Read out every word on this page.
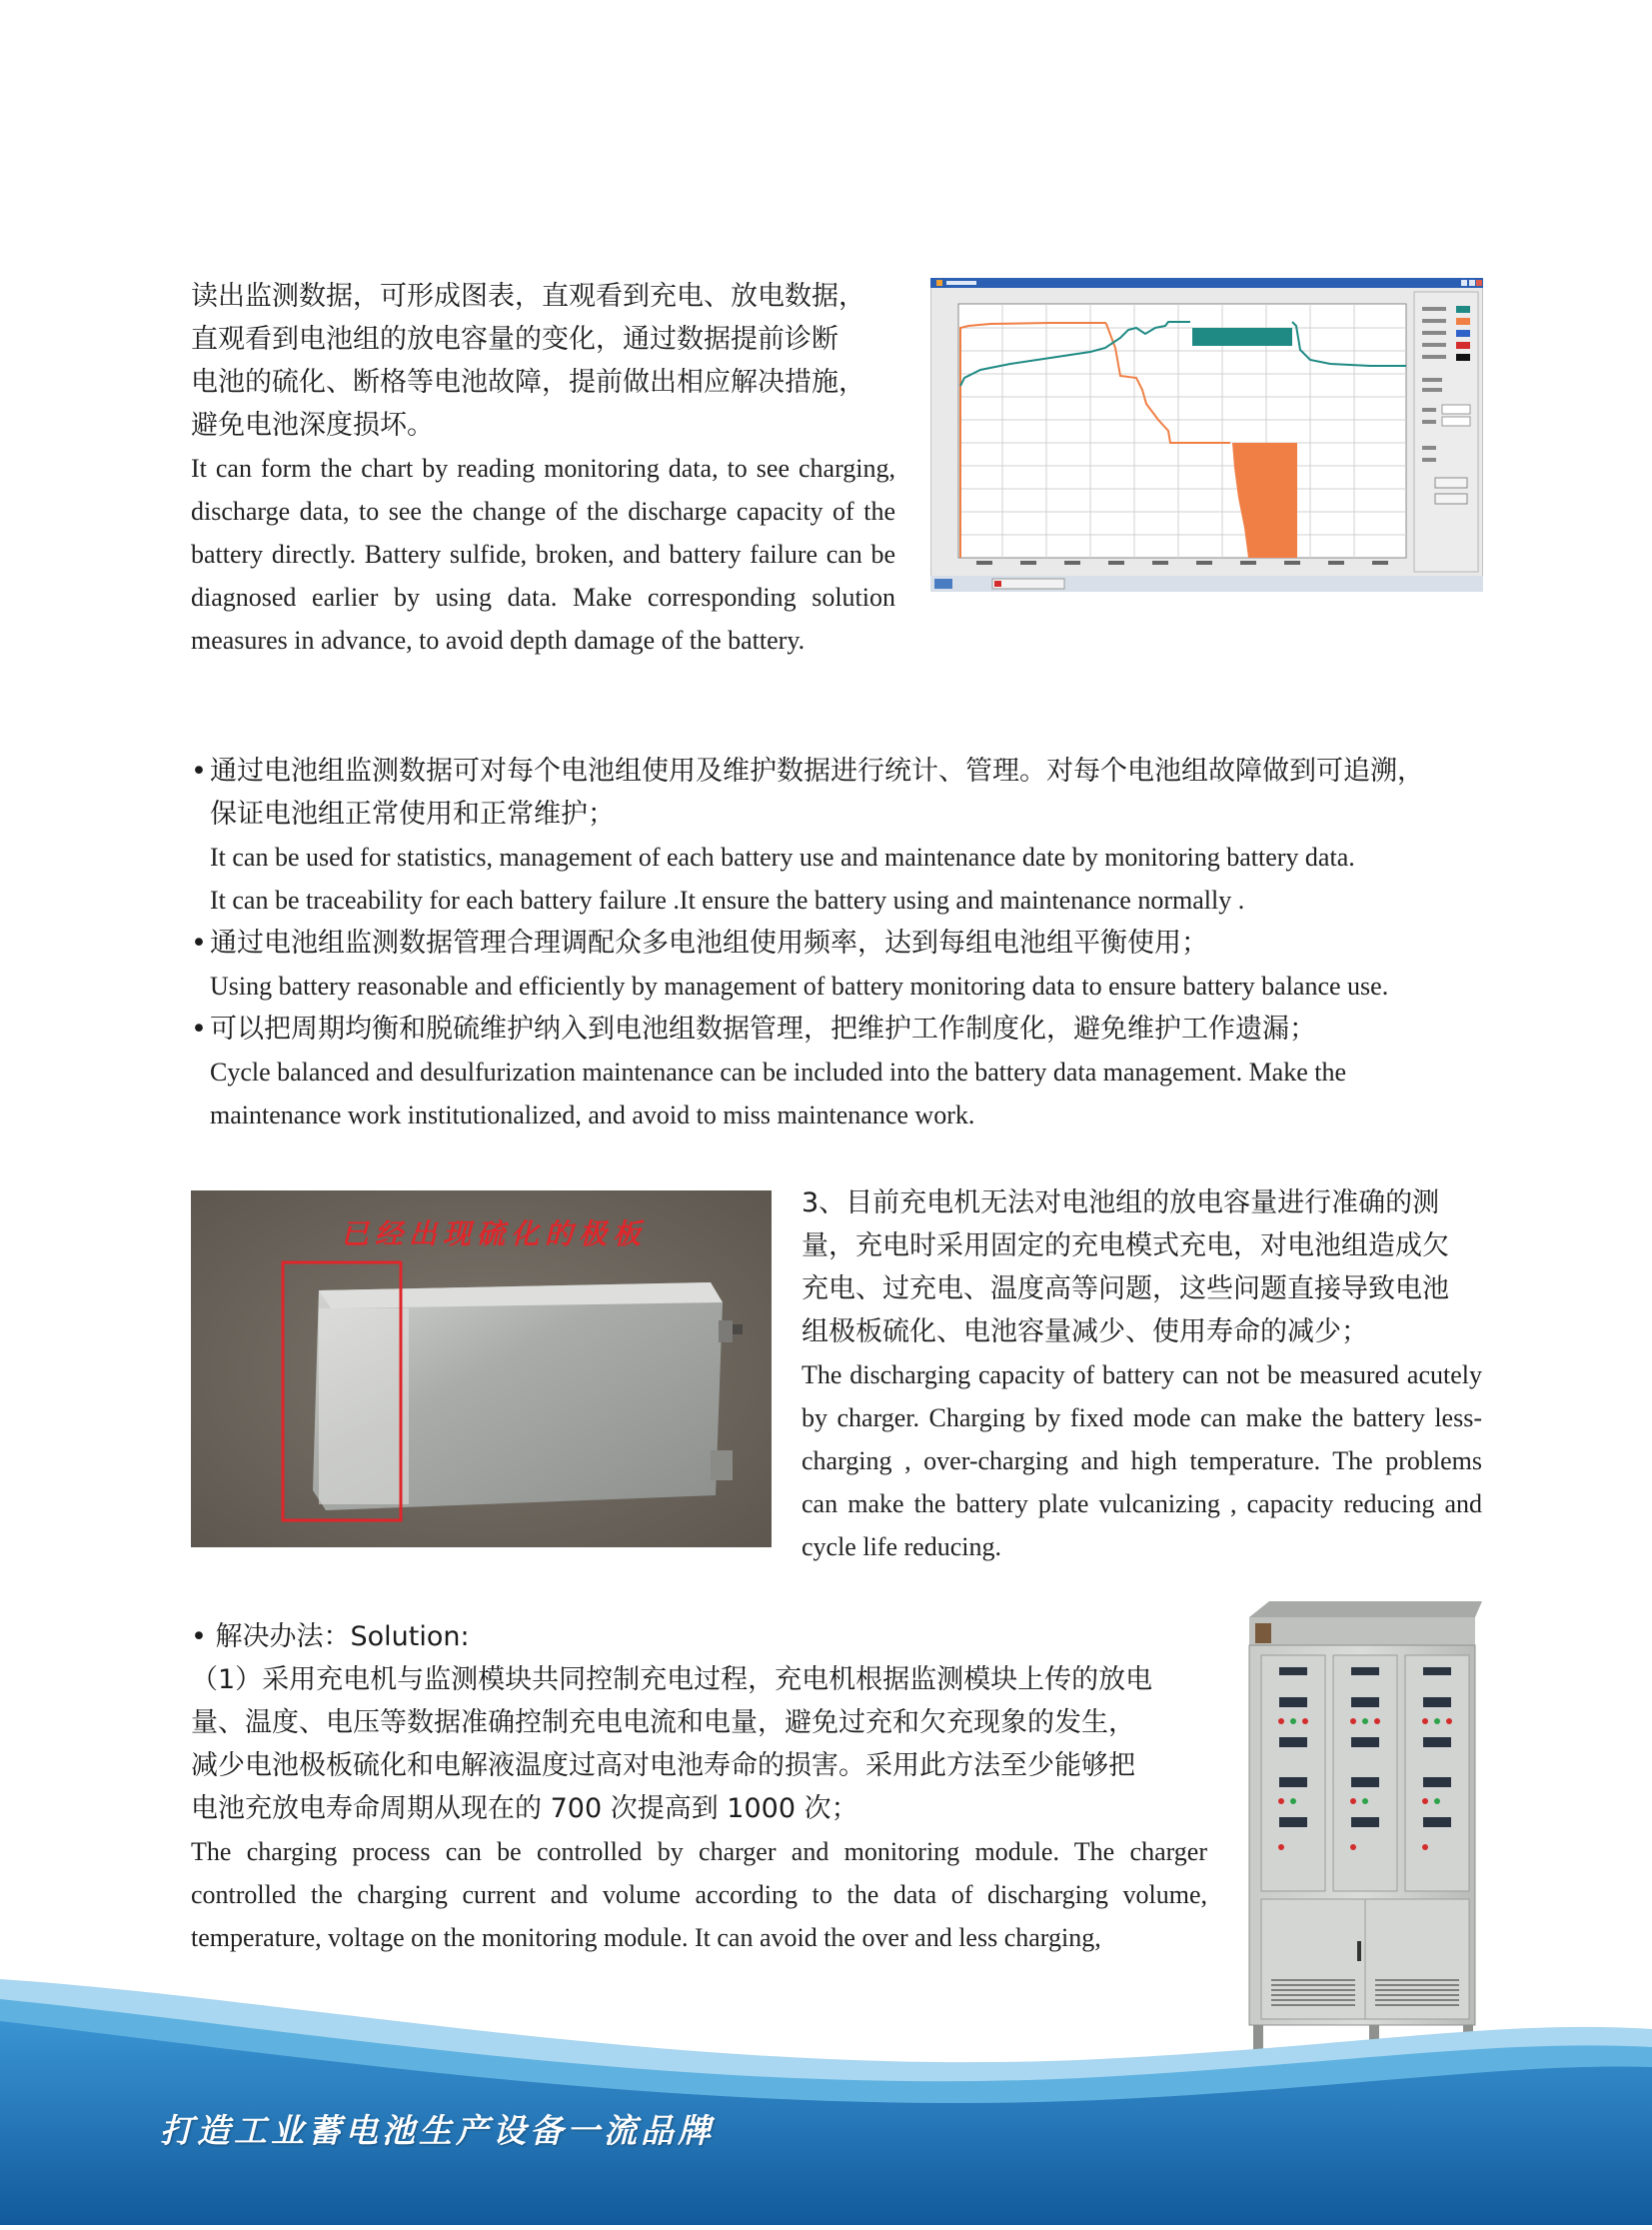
读出监测数据，可形成图表，直观看到充电、放电数据，
直观看到电池组的放电容量的变化，通过数据提前诊断
电池的硫化、断格等电池故障，提前做出相应解决措施，
避免电池深度损坏。

It can form the chart by reading monitoring data, to see charging, discharge data, to see the change of the discharge capacity of the battery directly. Battery sulfide, broken, and battery failure can be diagnosed earlier by using data. Make corresponding solution measures in advance, to avoid depth damage of the battery.

• 通过电池组监测数据可对每个电池组使用及维护数据进行统计、管理。对每个电池组故障做到可追溯，
保证电池组正常使用和正常维护；
It can be used for statistics, management of each battery use and maintenance date by monitoring battery data.
It can be traceability for each battery failure .It ensure the battery using and maintenance normally .
• 通过电池组监测数据管理合理调配众多电池组使用频率，达到每组电池组平衡使用；
Using battery reasonable and efficiently by management of battery monitoring data to ensure battery balance use.
• 可以把周期均衡和脱硫维护纳入到电池组数据管理，把维护工作制度化，避免维护工作遗漏；
Cycle balanced and desulfurization maintenance can be included into the battery data management. Make the
maintenance work institutionalized, and avoid to miss maintenance work.
已经出现硫化的极板
3、目前充电机无法对电池组的放电容量进行准确的测
量，充电时采用固定的充电模式充电，对电池组造成欠
充电、过充电、温度高等问题，这些问题直接导致电池
组极板硫化、电池容量减少、使用寿命的减少；

The discharging capacity of battery can not be measured acutely by charger. Charging by fixed mode can make the battery less-charging , over-charging and high temperature. The problems can make the battery plate vulcanizing , capacity reducing and cycle life reducing.

• 解决办法：Solution:
（1）采用充电机与监测模块共同控制充电过程，充电机根据监测模块上传的放电
量、温度、电压等数据准确控制充电电流和电量，避免过充和欠充现象的发生，
减少电池极板硫化和电解液温度过高对电池寿命的损害。采用此方法至少能够把
电池充放电寿命周期从现在的 700 次提高到 1000 次；

The charging process can be controlled by charger and monitoring module. The charger controlled the charging current and volume according to the data of discharging volume, temperature, voltage on the monitoring module. It can avoid the over and less charging,

打造工业蓄电池生产设备一流品牌
